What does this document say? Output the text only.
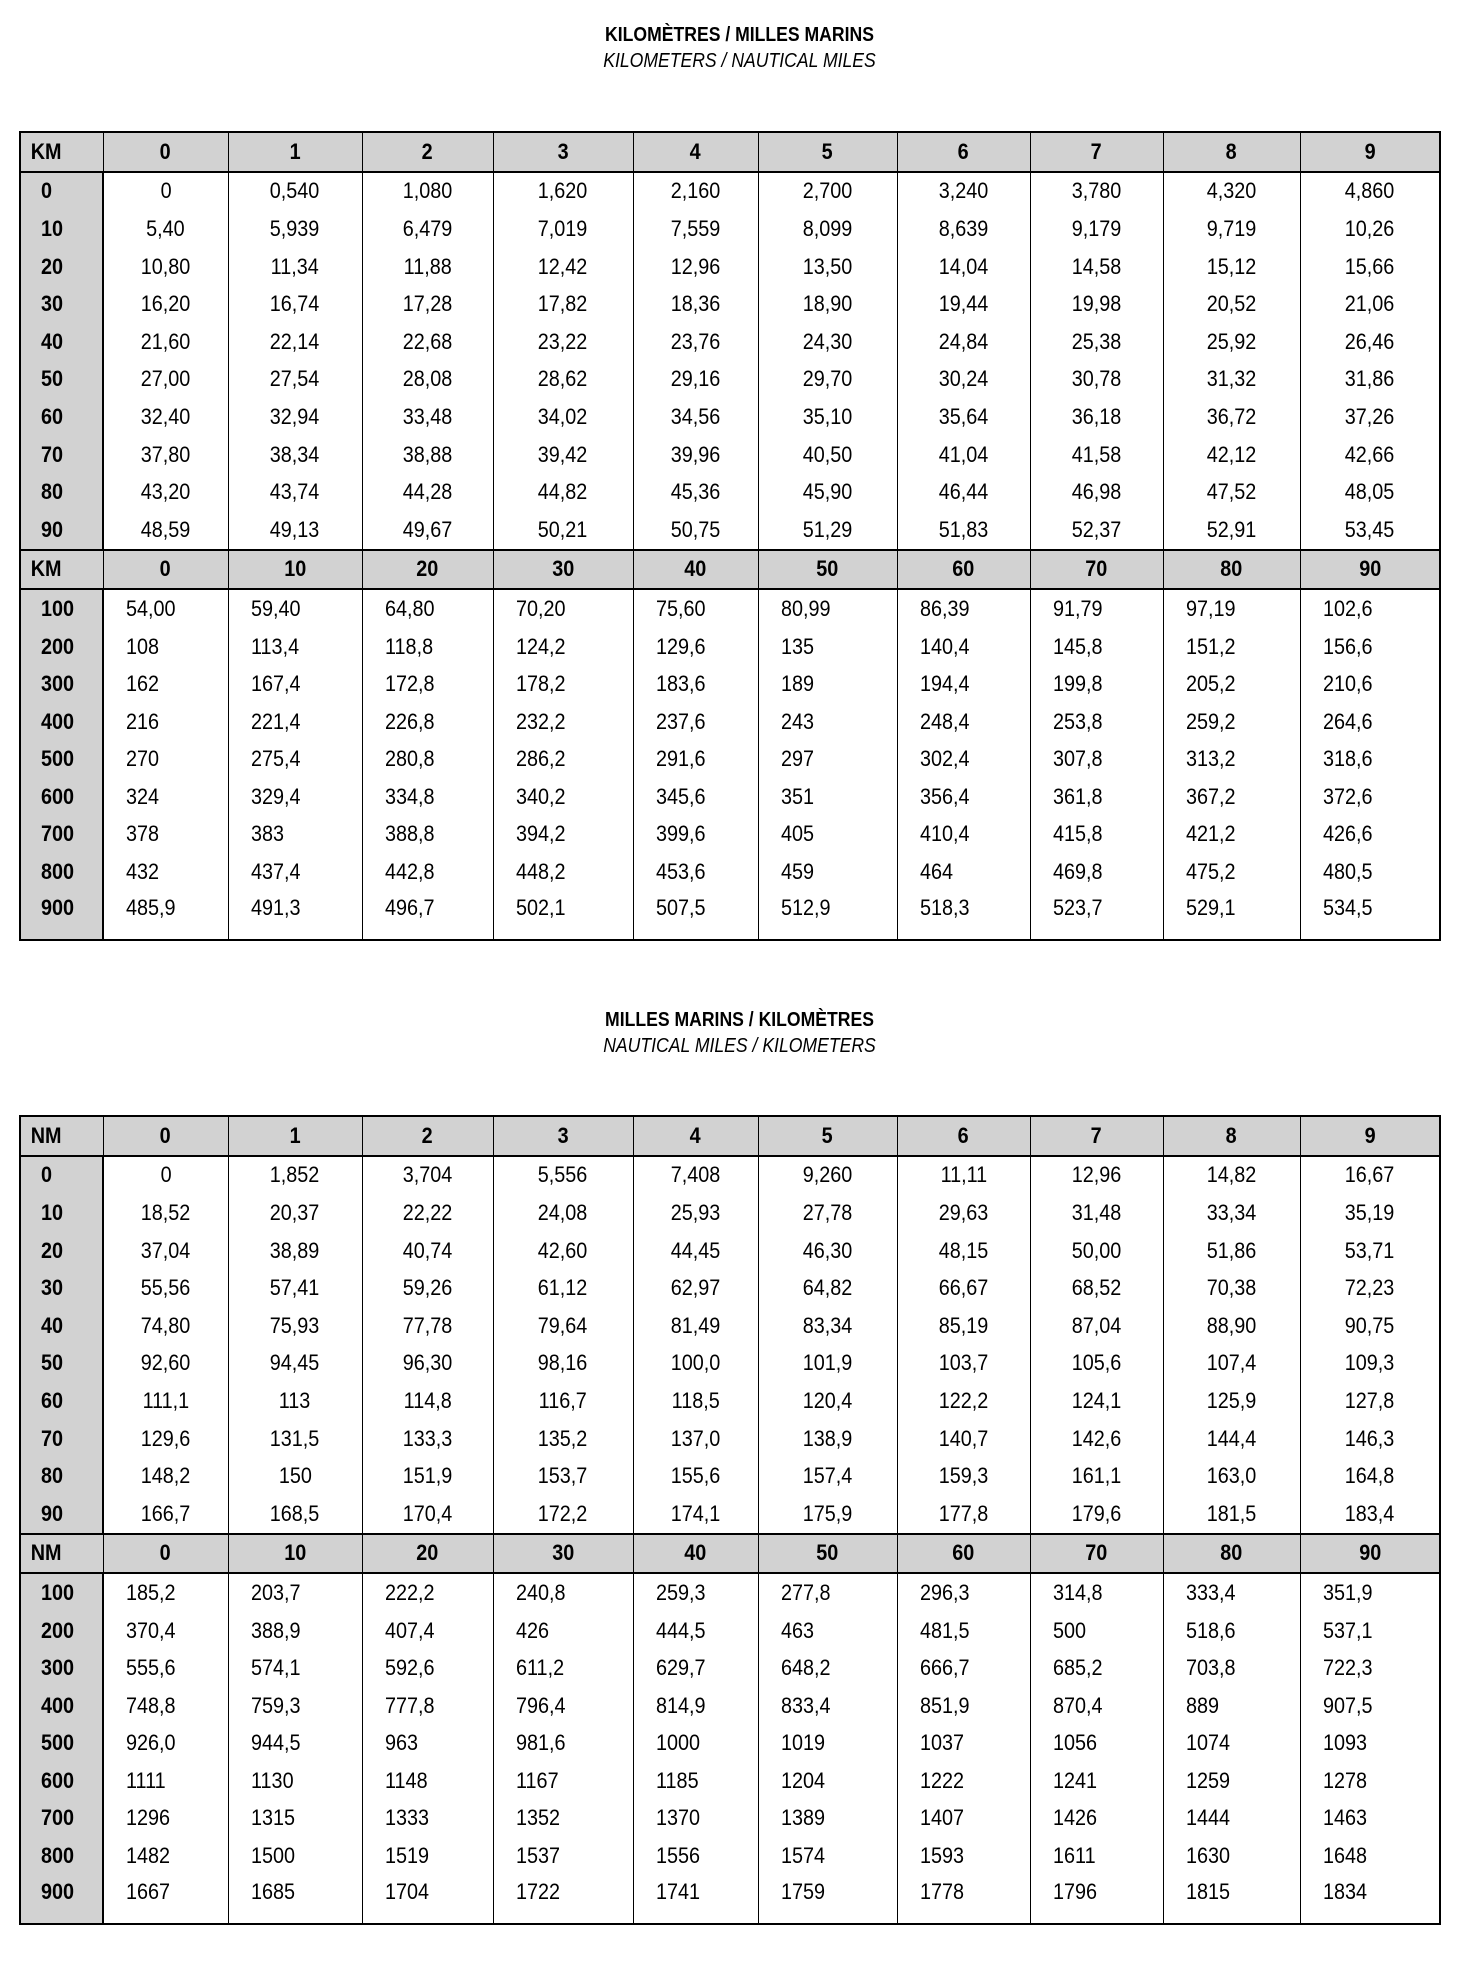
KILOMÈTRES / MILLES MARINS
KILOMETERS / NAUTICAL MILES
KM	0	1	2	3	4	5	6	7	8	9
0	0	0,540	1,080	1,620	2,160	2,700	3,240	3,780	4,320	4,860
10	5,40	5,939	6,479	7,019	7,559	8,099	8,639	9,179	9,719	10,26
20	10,80	11,34	11,88	12,42	12,96	13,50	14,04	14,58	15,12	15,66
30	16,20	16,74	17,28	17,82	18,36	18,90	19,44	19,98	20,52	21,06
40	21,60	22,14	22,68	23,22	23,76	24,30	24,84	25,38	25,92	26,46
50	27,00	27,54	28,08	28,62	29,16	29,70	30,24	30,78	31,32	31,86
60	32,40	32,94	33,48	34,02	34,56	35,10	35,64	36,18	36,72	37,26
70	37,80	38,34	38,88	39,42	39,96	40,50	41,04	41,58	42,12	42,66
80	43,20	43,74	44,28	44,82	45,36	45,90	46,44	46,98	47,52	48,05
90	48,59	49,13	49,67	50,21	50,75	51,29	51,83	52,37	52,91	53,45
KM	0	10	20	30	40	50	60	70	80	90
100	54,00	59,40	64,80	70,20	75,60	80,99	86,39	91,79	97,19	102,6
200	108	113,4	118,8	124,2	129,6	135	140,4	145,8	151,2	156,6
300	162	167,4	172,8	178,2	183,6	189	194,4	199,8	205,2	210,6
400	216	221,4	226,8	232,2	237,6	243	248,4	253,8	259,2	264,6
500	270	275,4	280,8	286,2	291,6	297	302,4	307,8	313,2	318,6
600	324	329,4	334,8	340,2	345,6	351	356,4	361,8	367,2	372,6
700	378	383	388,8	394,2	399,6	405	410,4	415,8	421,2	426,6
800	432	437,4	442,8	448,2	453,6	459	464	469,8	475,2	480,5
900	485,9	491,3	496,7	502,1	507,5	512,9	518,3	523,7	529,1	534,5
MILLES MARINS / KILOMÈTRES
NAUTICAL MILES / KILOMETERS
NM	0	1	2	3	4	5	6	7	8	9
0	0	1,852	3,704	5,556	7,408	9,260	11,11	12,96	14,82	16,67
10	18,52	20,37	22,22	24,08	25,93	27,78	29,63	31,48	33,34	35,19
20	37,04	38,89	40,74	42,60	44,45	46,30	48,15	50,00	51,86	53,71
30	55,56	57,41	59,26	61,12	62,97	64,82	66,67	68,52	70,38	72,23
40	74,80	75,93	77,78	79,64	81,49	83,34	85,19	87,04	88,90	90,75
50	92,60	94,45	96,30	98,16	100,0	101,9	103,7	105,6	107,4	109,3
60	111,1	113	114,8	116,7	118,5	120,4	122,2	124,1	125,9	127,8
70	129,6	131,5	133,3	135,2	137,0	138,9	140,7	142,6	144,4	146,3
80	148,2	150	151,9	153,7	155,6	157,4	159,3	161,1	163,0	164,8
90	166,7	168,5	170,4	172,2	174,1	175,9	177,8	179,6	181,5	183,4
NM	0	10	20	30	40	50	60	70	80	90
100	185,2	203,7	222,2	240,8	259,3	277,8	296,3	314,8	333,4	351,9
200	370,4	388,9	407,4	426	444,5	463	481,5	500	518,6	537,1
300	555,6	574,1	592,6	611,2	629,7	648,2	666,7	685,2	703,8	722,3
400	748,8	759,3	777,8	796,4	814,9	833,4	851,9	870,4	889	907,5
500	926,0	944,5	963	981,6	1000	1019	1037	1056	1074	1093
600	1111	1130	1148	1167	1185	1204	1222	1241	1259	1278
700	1296	1315	1333	1352	1370	1389	1407	1426	1444	1463
800	1482	1500	1519	1537	1556	1574	1593	1611	1630	1648
900	1667	1685	1704	1722	1741	1759	1778	1796	1815	1834
